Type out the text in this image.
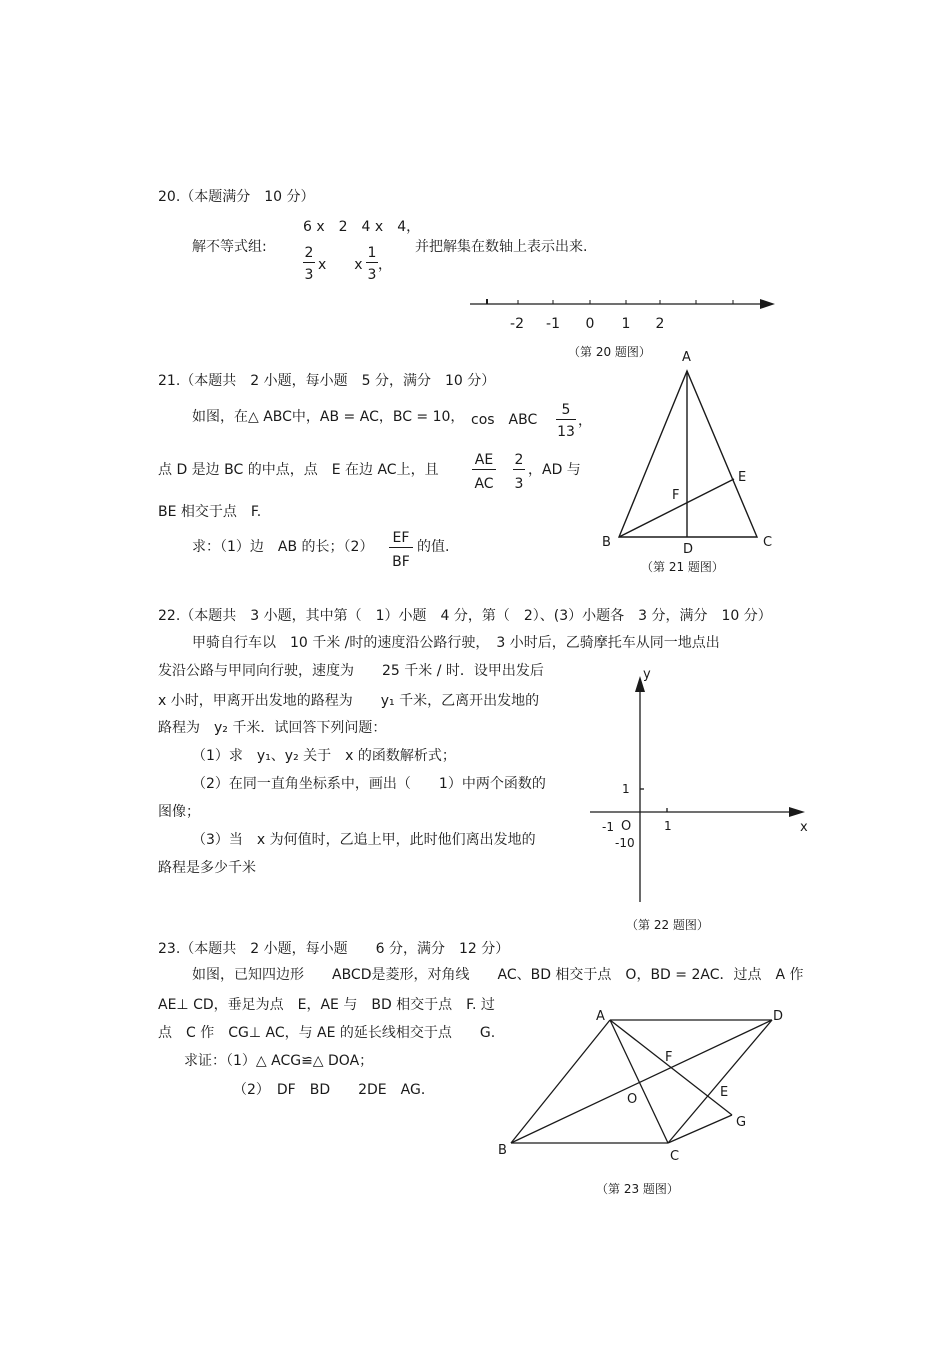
20.（本题满分　10 分）
6 x　2　4 x　4，
解不等式组:	2
3
x　　x
1
3
，
并把解集在数轴上表示出来.
-2 -1 0 1 2
（第 20 题图）
21.（本题共　2 小题，每小题　5 分，满分　10 分）
如图，在△ ABC中，AB = AC，BC = 10， cos　ABC
5
13
，
点 D 是边 BC 的中点，点　E 在边 AC上，且
AE
AC
2
3
，AD 与
BE 相交于点　F.
求：（1）边　AB 的长；（2）
EF
BF
的值.
A
B	C
D
E
F
（第 21 题图）
22.（本题共　3 小题，其中第（　1）小题　4 分，第（　2）、(3）小题各　3 分，满分　10 分）
甲骑自行车以　10 千米 /时的速度沿公路行驶，　3 小时后，乙骑摩托车从同一地点出
发沿公路与甲同向行驶，速度为　　25 千米 / 时．设甲出发后
x 小时，甲离开出发地的路程为　　y₁ 千米，乙离开出发地的
路程为　y₂ 千米．试回答下列问题：
（1）求　y₁、y₂ 关于　x 的函数解析式；
（2）在同一直角坐标系中，画出（　　1）中两个函数的
图像；
（3）当　x 为何值时，乙追上甲，此时他们离出发地的
路程是多少千米
y
x
1
-1 O	1
-10
（第 22 题图）
23.（本题共　2 小题，每小题　　6 分，满分　12 分）
如图，已知四边形　　ABCD是菱形，对角线　　AC、BD 相交于点　O，BD = 2AC．过点　A 作
AE⊥ CD，垂足为点　E，AE 与　BD 相交于点　F. 过
点　C 作　CG⊥ AC，与 AE 的延长线相交于点　　G.
求证：（1）△ ACG≌△ DOA；
（2）　DF　BD　　2DE　AG．
A	D
B	C
E
F
G
O
（第 23 题图）
